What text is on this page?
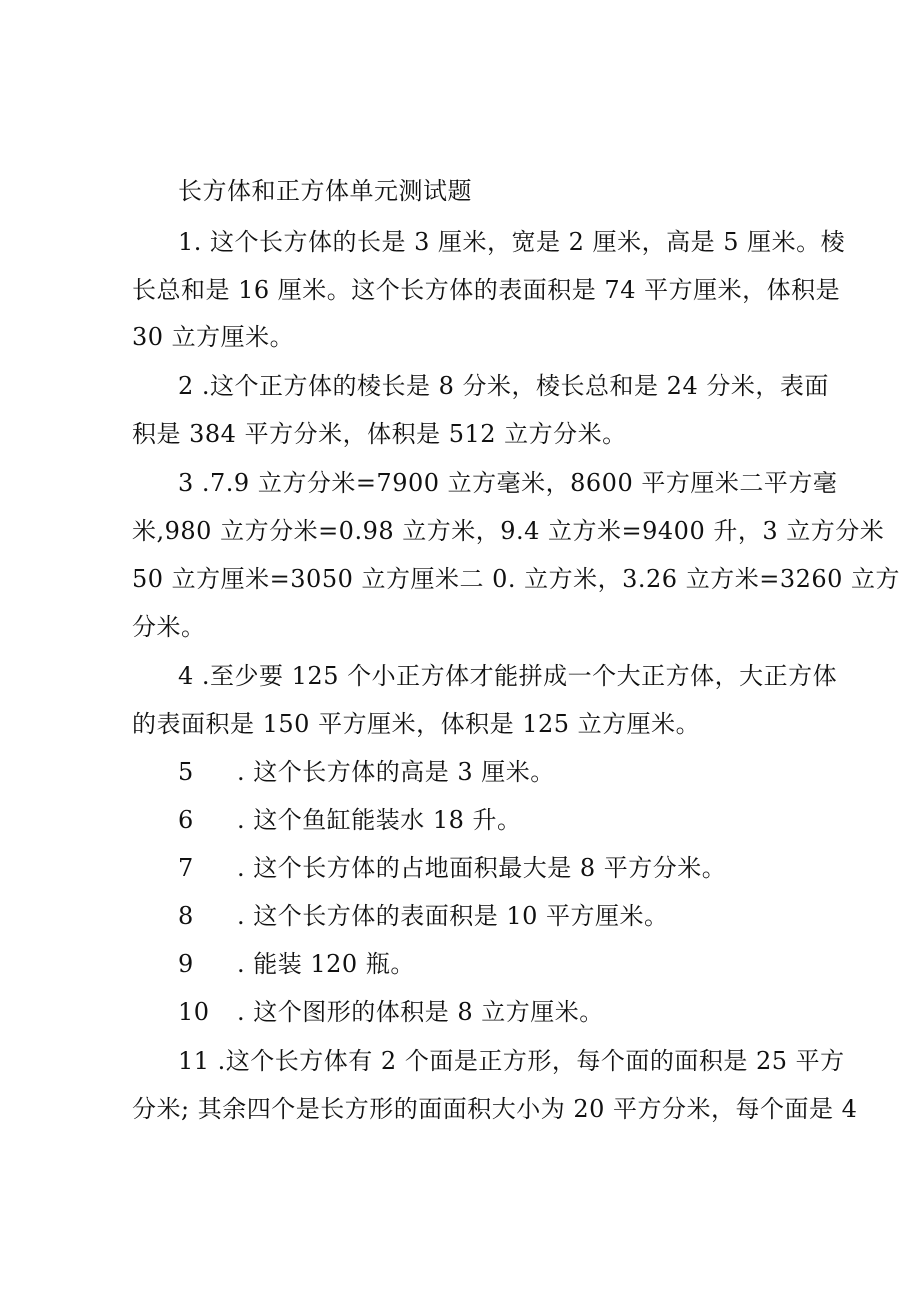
长方体和正方体单元测试题
1. 这个长方体的长是 3 厘米，宽是 2 厘米，高是 5 厘米。棱
长总和是 16 厘米。这个长方体的表面积是 74 平方厘米，体积是
30 立方厘米。
2 .这个正方体的棱长是 8 分米，棱长总和是 24 分米，表面
积是 384 平方分米，体积是 512 立方分米。
3 .7.9 立方分米=7900 立方毫米，8600 平方厘米二平方毫
米,980 立方分米=0.98 立方米，9.4 立方米=9400 升，3 立方分米
50 立方厘米=3050 立方厘米二 0. 立方米，3.26 立方米=3260 立方
分米。
4 .至少要 125 个小正方体才能拼成一个大正方体，大正方体
的表面积是 150 平方厘米，体积是 125 立方厘米。
5 . 这个长方体的高是 3 厘米。
6 . 这个鱼缸能装水 18 升。
7 . 这个长方体的占地面积最大是 8 平方分米。
8 . 这个长方体的表面积是 10 平方厘米。
9 . 能装 120 瓶。
10 . 这个图形的体积是 8 立方厘米。
11 .这个长方体有 2 个面是正方形，每个面的面积是 25 平方
分米; 其余四个是长方形的面面积大小为 20 平方分米，每个面是 4
